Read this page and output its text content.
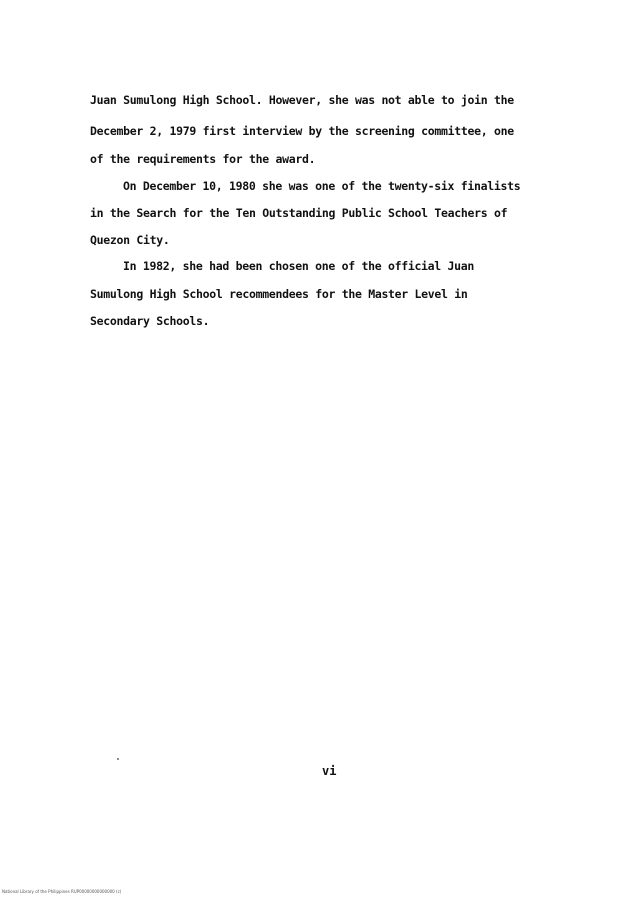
Juan Sumulong High School. However, she was not able to join the
December 2, 1979 first interview by the screening committee, one
of the requirements for the award.
On December 10, 1980 she was one of the twenty-six finalists
in the Search for the Ten Outstanding Public School Teachers of
Quezon City.
In 1982, she had been chosen one of the official Juan
Sumulong High School recommendees for the Master Level in
Secondary Schools.
vi
National Library of the Philippines RUP00000000000000 (c)
